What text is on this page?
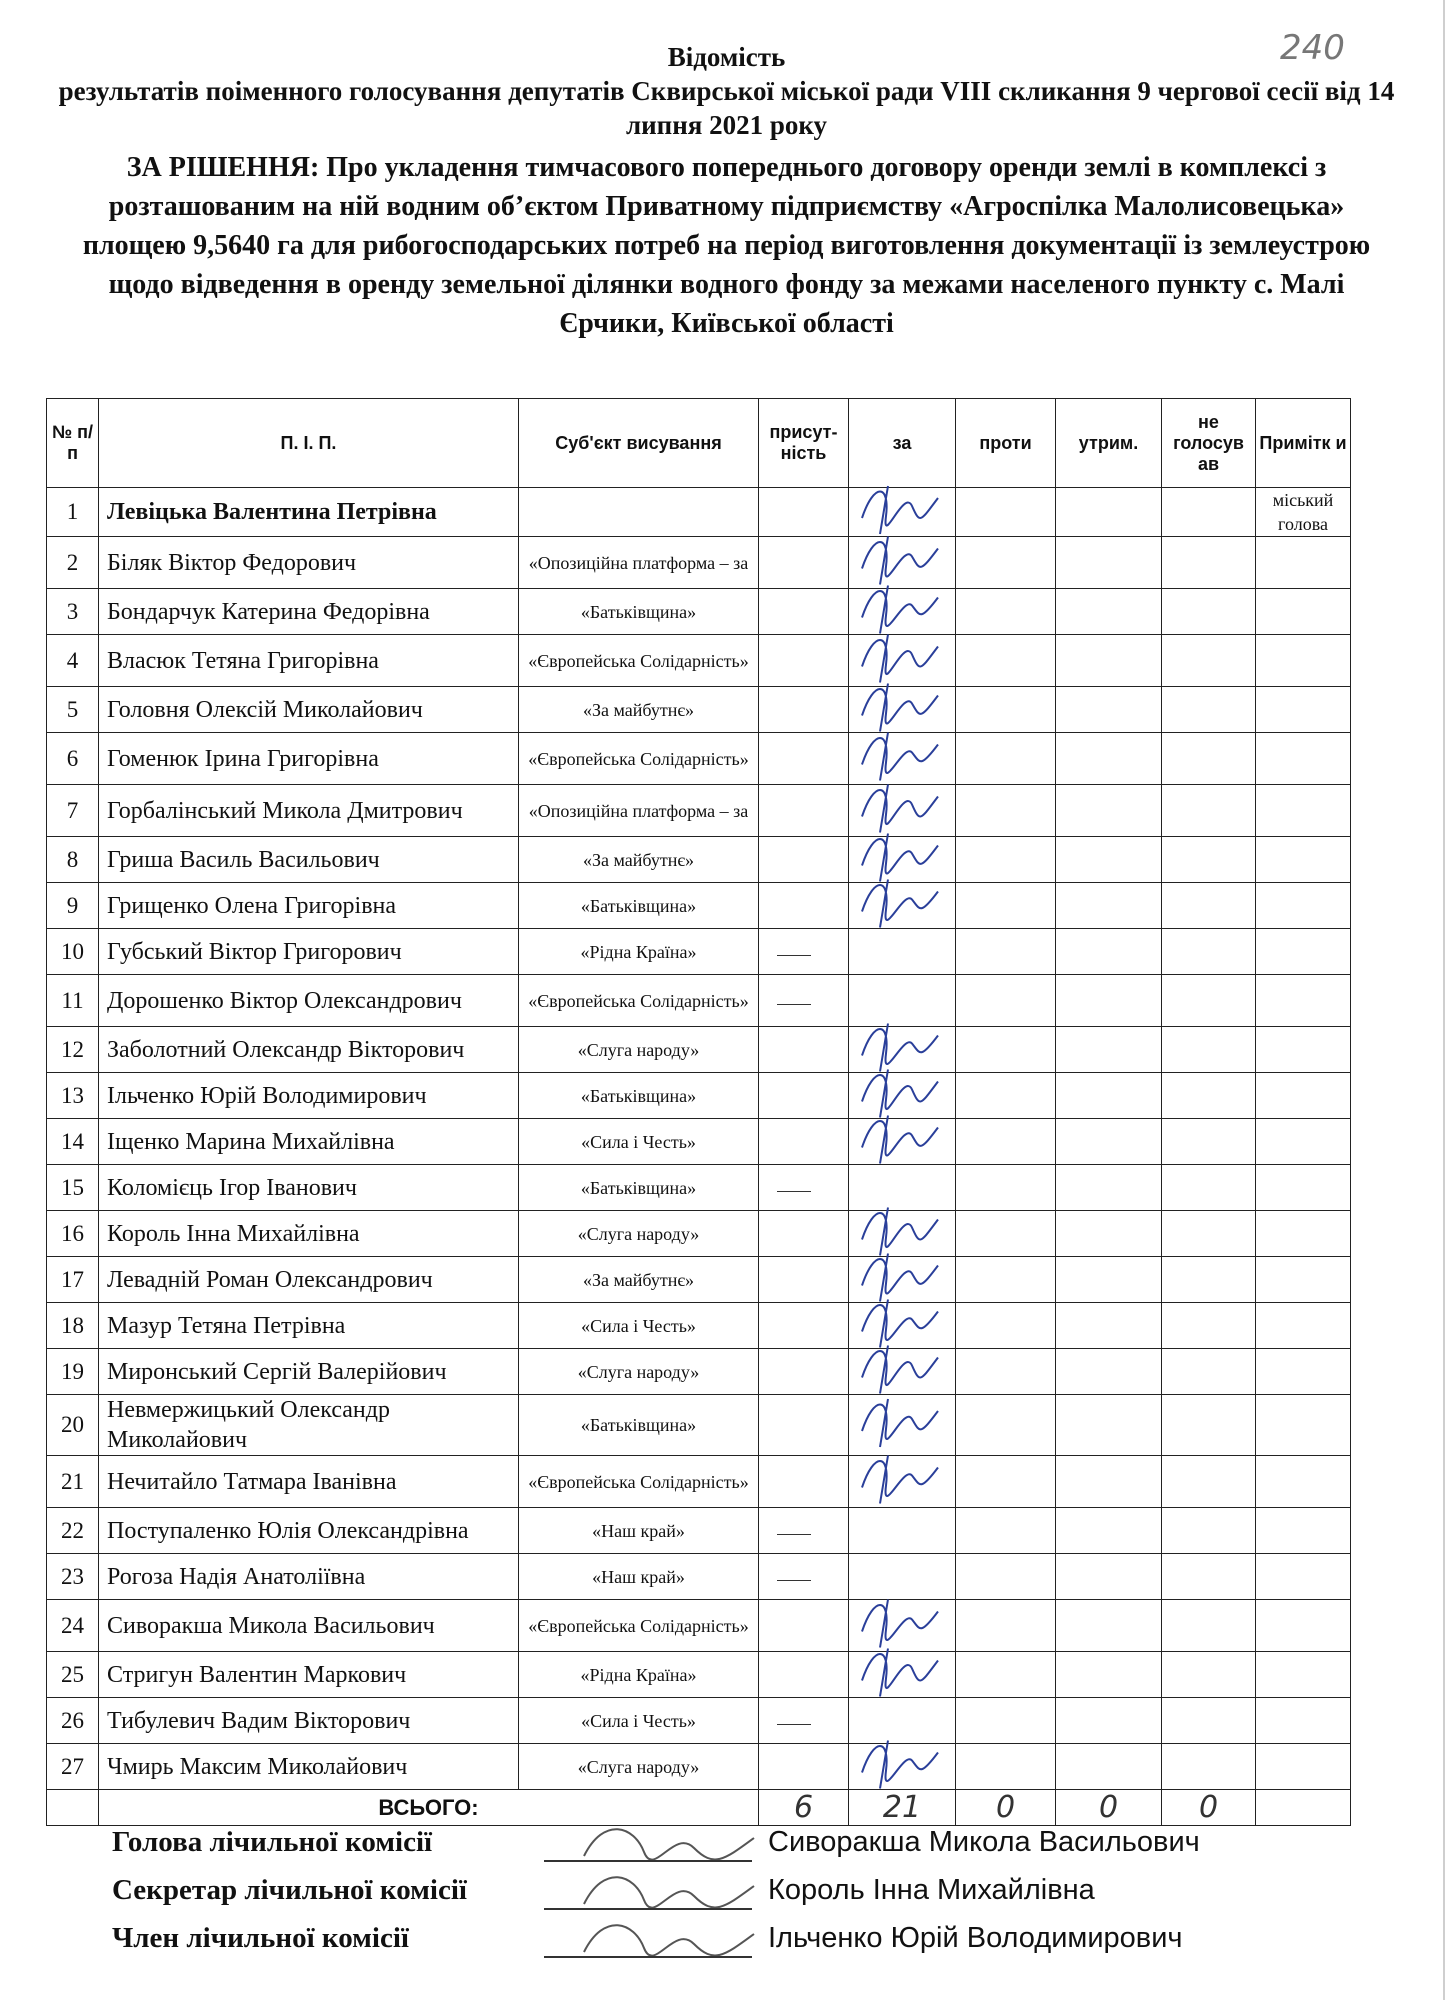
240
Відомість
результатів поіменного голосування депутатів Сквирської міської ради VIII скликання 9 чергової сесії від 14 липня 2021 року
ЗА РІШЕННЯ: Про укладення тимчасового попереднього договору оренди землі в комплексі з розташованим на ній водним об’єктом Приватному підприємству «Агроспілка Малолисовецька» площею 9,5640 га для рибогосподарських потреб на період виготовлення документації із землеустрою щодо відведення в оренду земельної ділянки водного фонду за межами населеного пункту с. Малі Єрчики, Київської області
№ п/п	П. І. П.	Суб'єкт висування	присут-ність	за	проти	утрим.	не голосув ав	Примітк и
1	Левіцька Валентина Петрівна							міський голова
2	Біляк Віктор Федорович	«Опозиційна платформа – за						
3	Бондарчук Катерина Федорівна	«Батьківщина»						
4	Власюк Тетяна Григорівна	«Європейська Солідарність»						
5	Головня Олексій Миколайович	«За майбутнє»						
6	Гоменюк Ірина Григорівна	«Європейська Солідарність»						
7	Горбалінський Микола Дмитрович	«Опозиційна платформа – за						
8	Гриша Василь Васильович	«За майбутнє»						
9	Грищенко Олена Григорівна	«Батьківщина»						
10	Губський Віктор Григорович	«Рідна Країна»						
11	Дорошенко Віктор Олександрович	«Європейська Солідарність»						
12	Заболотний Олександр Вікторович	«Слуга народу»						
13	Ільченко Юрій Володимирович	«Батьківщина»						
14	Іщенко Марина Михайлівна	«Сила і Честь»						
15	Коломієць Ігор Іванович	«Батьківщина»						
16	Король Інна Михайлівна	«Слуга народу»						
17	Левадній Роман Олександрович	«За майбутнє»						
18	Мазур Тетяна Петрівна	«Сила і Честь»						
19	Миронський Сергій Валерійович	«Слуга народу»						
20	Невмержицький Олександр Миколайович	«Батьківщина»						
21	Нечитайло Татмара Іванівна	«Європейська Солідарність»						
22	Поступаленко Юлія Олександрівна	«Наш край»						
23	Рогоза Надія Анатоліївна	«Наш край»						
24	Сиворакша Микола Васильович	«Європейська Солідарність»						
25	Стригун Валентин Маркович	«Рідна Країна»						
26	Тибулевич Вадим Вікторович	«Сила і Честь»						
27	Чмирь Максим Миколайович	«Слуга народу»						
	ВСЬОГО:		6	21	0	0	0	
Голова лічильної комісії	Сиворакша Микола Васильович
Секретар лічильної комісії	Король Інна Михайлівна
Член лічильної комісії	Ільченко Юрій Володимирович
